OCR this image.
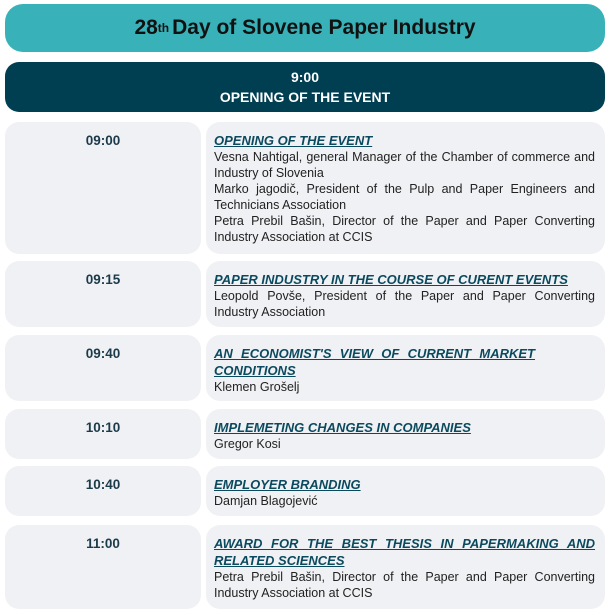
28 th Day of Slovene Paper Industry
9:00
OPENING OF THE EVENT
09:00	OPENING OF THE EVENT
Vesna Nahtigal, general Manager of the Chamber of commerce and Industry of Slovenia
Marko jagodič, President of the Pulp and Paper Engineers and Technicians Association
Petra Prebil Bašin, Director of the Paper and Paper Converting Industry Association at CCIS
09:15	PAPER INDUSTRY IN THE COURSE OF CURENT EVENTS
Leopold Povše, President of the Paper and Paper Converting Industry Association
09:40	AN ECONOMIST'S VIEW OF CURRENT MARKET CONDITIONS
Klemen Grošelj
10:10	IMPLEMETING CHANGES IN COMPANIES
Gregor Kosi
10:40	EMPLOYER BRANDING
Damjan Blagojević
11:00	AWARD FOR THE BEST THESIS IN PAPERMAKING AND RELATED SCIENCES
Petra Prebil Bašin, Director of the Paper and Paper Converting Industry Association at CCIS
